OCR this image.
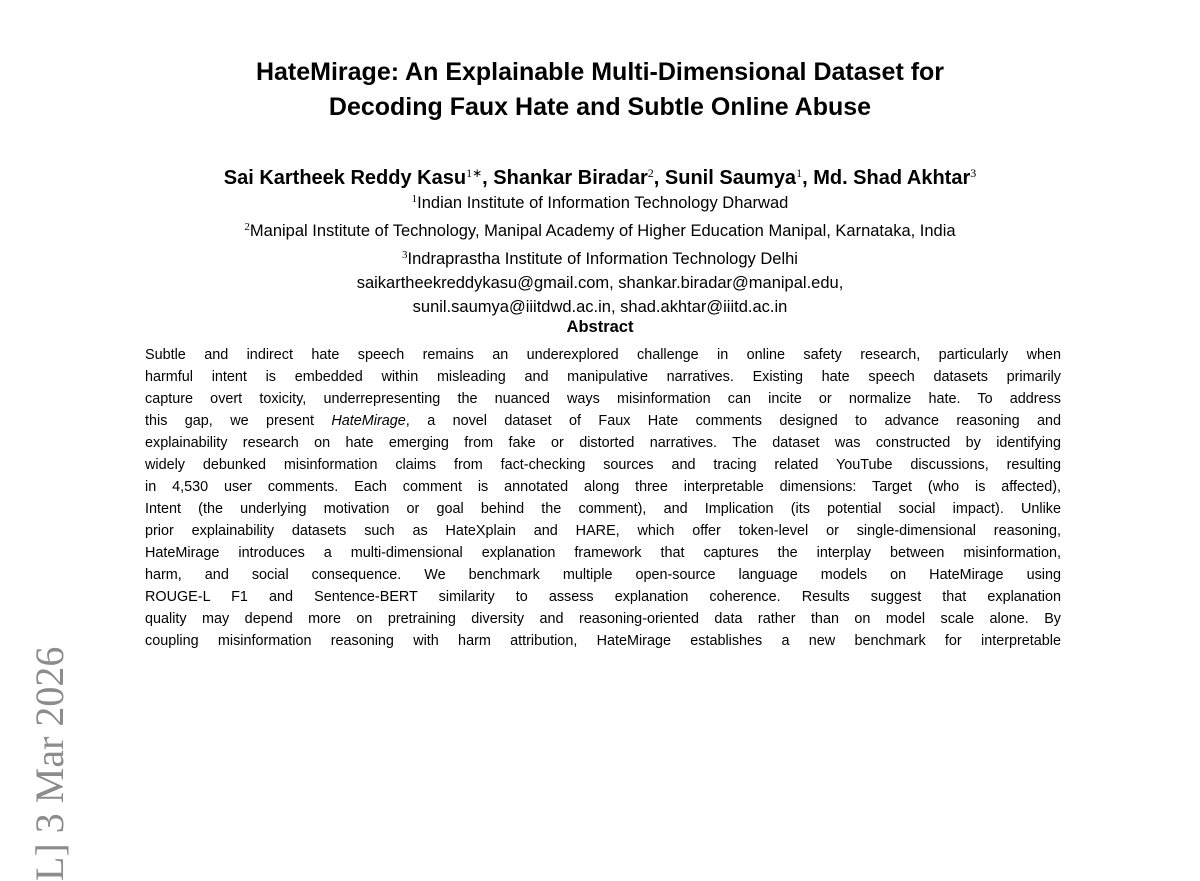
L] 3 Mar 2026
HateMirage: An Explainable Multi-Dimensional Dataset for
Decoding Faux Hate and Subtle Online Abuse
Sai Kartheek Reddy Kasu$^{1∗}$, Shankar Biradar$^2$, Sunil Saumya$^1$, Md. Shad Akhtar$^3$
$^1$Indian Institute of Information Technology Dharwad
$^2$Manipal Institute of Technology, Manipal Academy of Higher Education Manipal, Karnataka, India
$^3$Indraprastha Institute of Information Technology Delhi
saikartheekreddykasu@gmail.com, shankar.biradar@manipal.edu,
sunil.saumya@iiitdwd.ac.in, shad.akhtar@iiitd.ac.in
Abstract
Subtle and indirect hate speech remains an underexplored challenge in online safety research, particularly when
harmful intent is embedded within misleading and manipulative narratives. Existing hate speech datasets primarily
capture overt toxicity, underrepresenting the nuanced ways misinformation can incite or normalize hate. To address
this gap, we present HateMirage, a novel dataset of Faux Hate comments designed to advance reasoning and
explainability research on hate emerging from fake or distorted narratives. The dataset was constructed by identifying
widely debunked misinformation claims from fact-checking sources and tracing related YouTube discussions, resulting
in 4,530 user comments. Each comment is annotated along three interpretable dimensions: Target (who is affected),
Intent (the underlying motivation or goal behind the comment), and Implication (its potential social impact). Unlike
prior explainability datasets such as HateXplain and HARE, which offer token-level or single-dimensional reasoning,
HateMirage introduces a multi-dimensional explanation framework that captures the interplay between misinformation,
harm, and social consequence. We benchmark multiple open-source language models on HateMirage using
ROUGE-L F1 and Sentence-BERT similarity to assess explanation coherence. Results suggest that explanation
quality may depend more on pretraining diversity and reasoning-oriented data rather than on model scale alone. By
coupling misinformation reasoning with harm attribution, HateMirage establishes a new benchmark for interpretable
